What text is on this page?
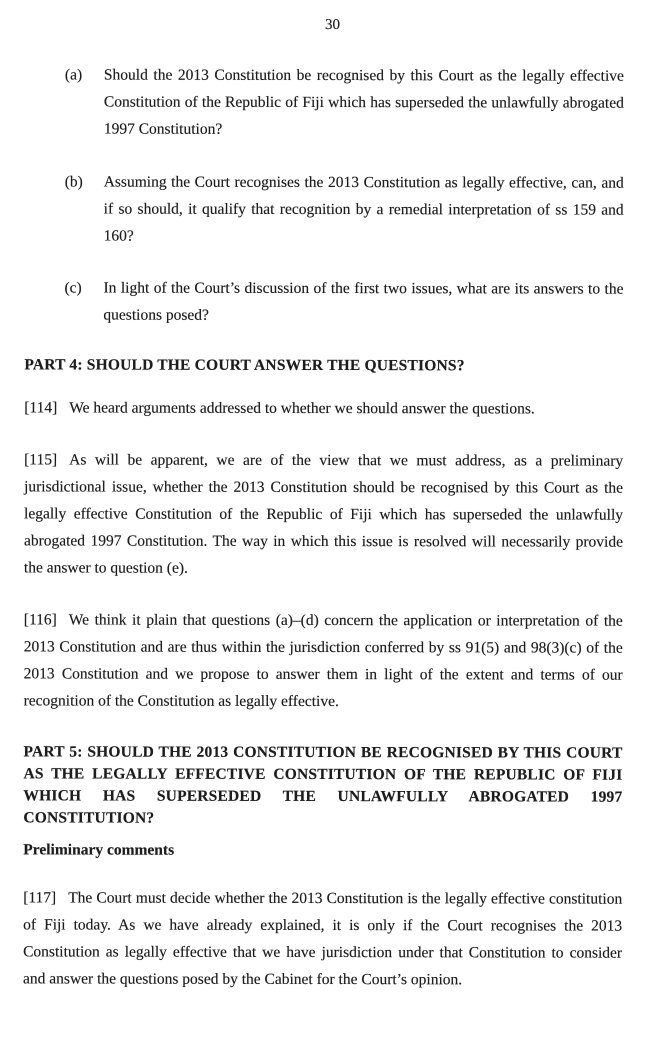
30
(a)	Should the 2013 Constitution be recognised by this Court as the legally effective Constitution of the Republic of Fiji which has superseded the unlawfully abrogated 1997 Constitution?
(b)	Assuming the Court recognises the 2013 Constitution as legally effective, can, and if so should, it qualify that recognition by a remedial interpretation of ss 159 and 160?
(c)	In light of the Court’s discussion of the first two issues, what are its answers to the questions posed?
PART 4: SHOULD THE COURT ANSWER THE QUESTIONS?
[114] We heard arguments addressed to whether we should answer the questions.
[115] As will be apparent, we are of the view that we must address, as a preliminary jurisdictional issue, whether the 2013 Constitution should be recognised by this Court as the legally effective Constitution of the Republic of Fiji which has superseded the unlawfully abrogated 1997 Constitution. The way in which this issue is resolved will necessarily provide the answer to question (e).
[116] We think it plain that questions (a)–(d) concern the application or interpretation of the 2013 Constitution and are thus within the jurisdiction conferred by ss 91(5) and 98(3)(c) of the 2013 Constitution and we propose to answer them in light of the extent and terms of our recognition of the Constitution as legally effective.
PART 5: SHOULD THE 2013 CONSTITUTION BE RECOGNISED BY THIS COURT
AS THE LEGALLY EFFECTIVE CONSTITUTION OF THE REPUBLIC OF FIJI
WHICH HAS SUPERSEDED THE UNLAWFULLY ABROGATED 1997
CONSTITUTION?
Preliminary comments
[117] The Court must decide whether the 2013 Constitution is the legally effective constitution of Fiji today. As we have already explained, it is only if the Court recognises the 2013 Constitution as legally effective that we have jurisdiction under that Constitution to consider and answer the questions posed by the Cabinet for the Court’s opinion.
